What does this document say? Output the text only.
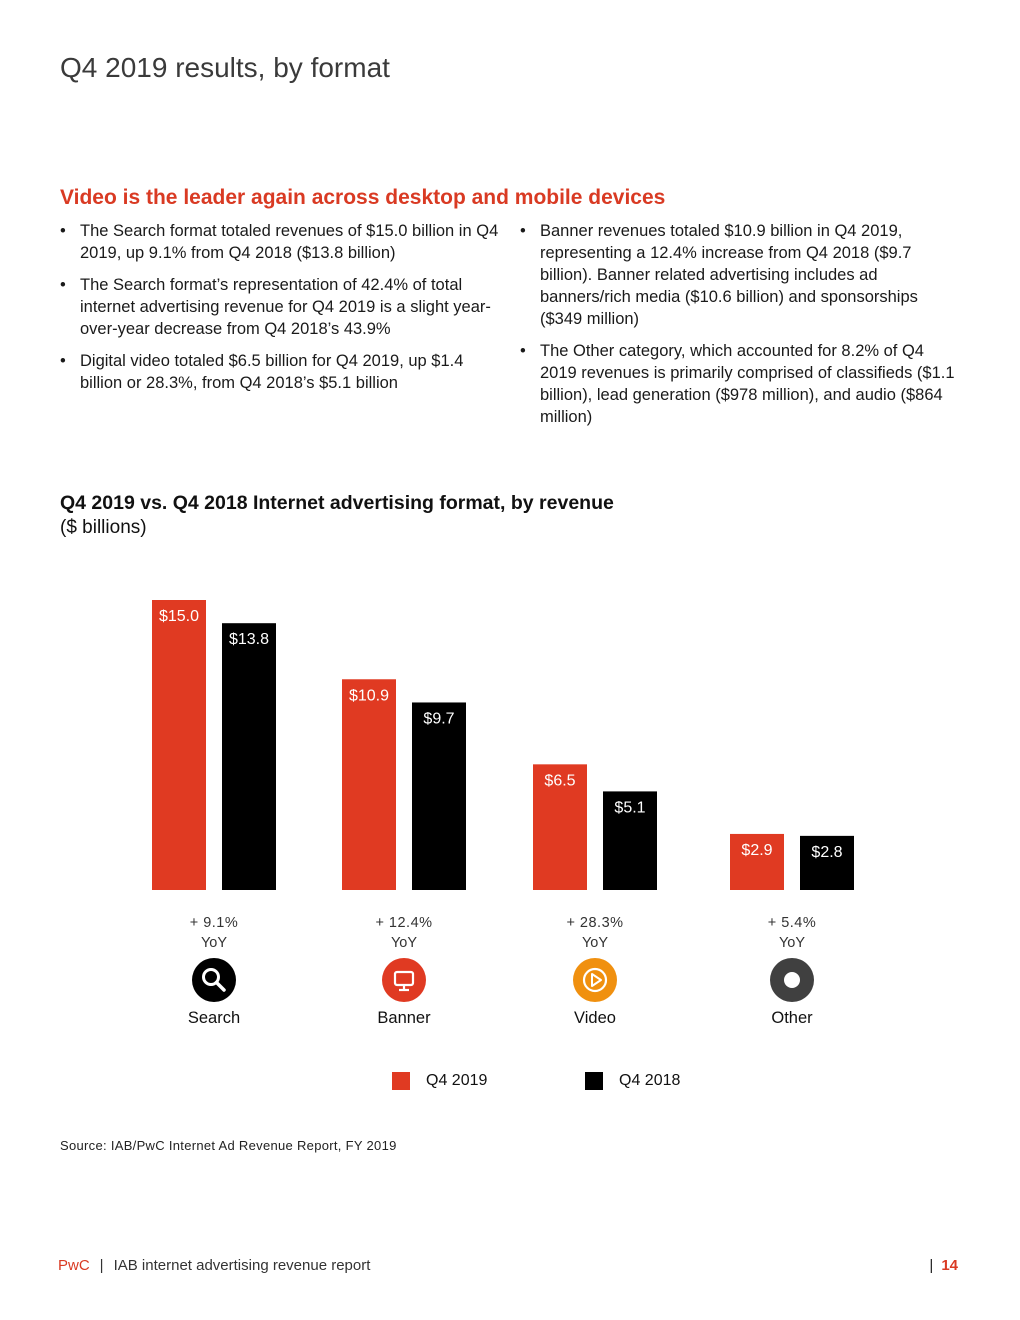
Q4 2019 results, by format
Video is the leader again across desktop and mobile devices
• The Search format totaled revenues of $15.0 billion in Q4 2019, up 9.1% from Q4 2018 ($13.8 billion)
• The Search format’s representation of 42.4% of total internet advertising revenue for Q4 2019 is a slight year-over-year decrease from Q4 2018’s 43.9%
• Digital video totaled $6.5 billion for Q4 2019, up $1.4 billion or 28.3%, from Q4 2018’s $5.1 billion
• Banner revenues totaled $10.9 billion in Q4 2019, representing a 12.4% increase from Q4 2018 ($9.7 billion). Banner related advertising includes ad banners/rich media ($10.6 billion) and sponsorships ($349 million)
• The Other category, which accounted for 8.2% of Q4 2019 revenues is primarily comprised of classifieds ($1.1 billion), lead generation ($978 million), and audio ($864 million)
Q4 2019 vs. Q4 2018 Internet advertising format, by revenue
($ billions)
$15.0
$13.8
+ 9.1%
YoY
Search
$10.9
$9.7
+ 12.4%
YoY
Banner
$6.5
$5.1
+ 28.3%
YoY
Video
$2.9 $2.8
+ 5.4%
YoY
Other
Q4 2019	Q4 2018
Source: IAB/PwC Internet Ad Revenue Report, FY 2019
PwC | IAB internet advertising revenue report	| 14
